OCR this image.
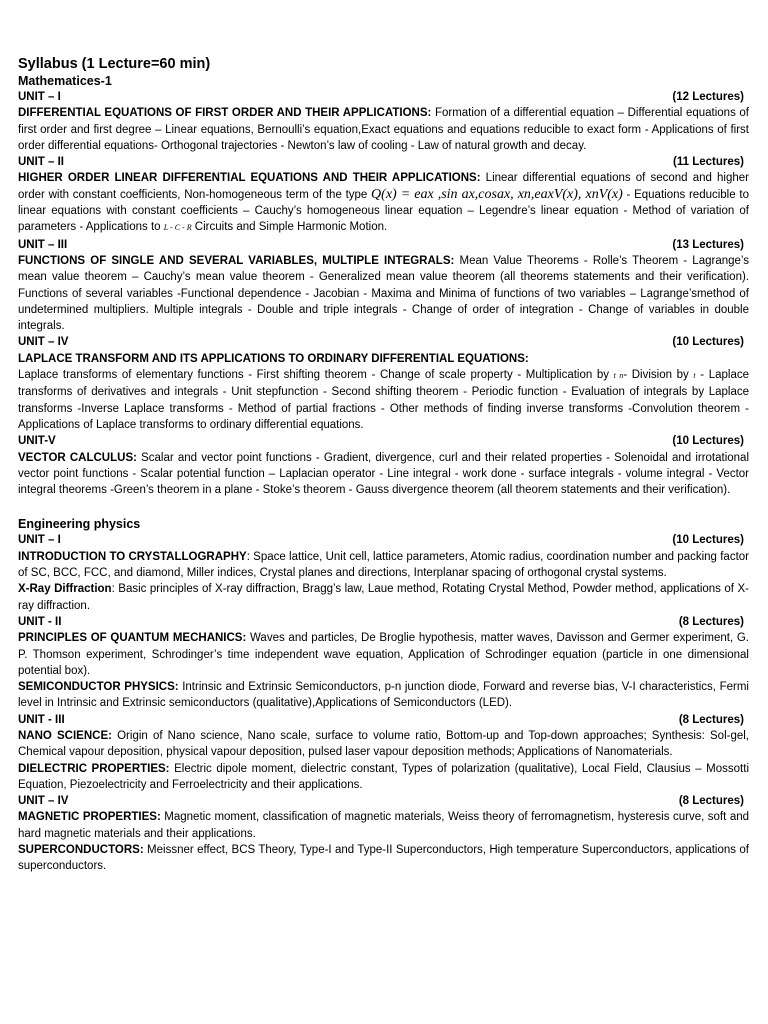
Syllabus (1 Lecture=60 min)

Mathematices-1

UNIT – I	(12 Lectures)

DIFFERENTIAL EQUATIONS OF FIRST ORDER AND THEIR APPLICATIONS: Formation of a differential equation – Differential equations of first order and first degree – Linear equations, Bernoulli’s equation,Exact equations and equations reducible to exact form - Applications of first order differential equations- Orthogonal trajectories - Newton’s law of cooling - Law of natural growth and decay.

UNIT – II	(11 Lectures)

HIGHER ORDER LINEAR DIFFERENTIAL EQUATIONS AND THEIR APPLICATIONS: Linear differential equations of second and higher order with constant coefficients, Non-homogeneous term of the type Q(x) = eax ,sin ax,cosax, xn,eaxV(x), xnV(x) - Equations reducible to linear equations with constant coefficients – Cauchy’s homogeneous linear equation – Legendre’s linear equation - Method of variation of parameters - Applications to L - C - R Circuits and Simple Harmonic Motion.

UNIT – III	(13 Lectures)

FUNCTIONS OF SINGLE AND SEVERAL VARIABLES, MULTIPLE INTEGRALS: Mean Value Theorems - Rolle’s Theorem - Lagrange’s mean value theorem – Cauchy’s mean value theorem - Generalized mean value theorem (all theorems statements and their verification). Functions of several variables -Functional dependence - Jacobian - Maxima and Minima of functions of two variables – Lagrange’smethod of undetermined multipliers. Multiple integrals - Double and triple integrals - Change of order of integration - Change of variables in double integrals.

UNIT – IV	(10 Lectures)

LAPLACE TRANSFORM AND ITS APPLICATIONS TO ORDINARY DIFFERENTIAL EQUATIONS:
Laplace transforms of elementary functions - First shifting theorem - Change of scale property - Multiplication by t n- Division by t - Laplace transforms of derivatives and integrals - Unit stepfunction - Second shifting theorem - Periodic function - Evaluation of integrals by Laplace transforms -Inverse Laplace transforms - Method of partial fractions - Other methods of finding inverse transforms -Convolution theorem - Applications of Laplace transforms to ordinary differential equations.

UNIT-V	(10 Lectures)

VECTOR CALCULUS: Scalar and vector point functions - Gradient, divergence, curl and their related properties - Solenoidal and irrotational vector point functions - Scalar potential function – Laplacian operator - Line integral - work done - surface integrals - volume integral - Vector integral theorems -Green’s theorem in a plane - Stoke’s theorem - Gauss divergence theorem (all theorem statements and their verification).

Engineering physics

UNIT – I	(10 Lectures)

INTRODUCTION TO CRYSTALLOGRAPHY: Space lattice, Unit cell, lattice parameters, Atomic radius, coordination number and packing factor of SC, BCC, FCC, and diamond, Miller indices, Crystal planes and directions, Interplanar spacing of orthogonal crystal systems.

X-Ray Diffraction: Basic principles of X-ray diffraction, Bragg’s law, Laue method, Rotating Crystal Method, Powder method, applications of X- ray diffraction.

UNIT - II	(8 Lectures)

PRINCIPLES OF QUANTUM MECHANICS: Waves and particles, De Broglie hypothesis, matter waves, Davisson and Germer experiment, G. P. Thomson experiment, Schrodinger’s time independent wave equation, Application of Schrodinger equation (particle in one dimensional potential box).

SEMICONDUCTOR PHYSICS: Intrinsic and Extrinsic Semiconductors, p-n junction diode, Forward and reverse bias, V-I characteristics, Fermi level in Intrinsic and Extrinsic semiconductors (qualitative),Applications of Semiconductors (LED).

UNIT - III	(8 Lectures)

NANO SCIENCE: Origin of Nano science, Nano scale, surface to volume ratio, Bottom-up and Top-down approaches; Synthesis: Sol-gel, Chemical vapour deposition, physical vapour deposition, pulsed laser vapour deposition methods; Applications of Nanomaterials.

DIELECTRIC PROPERTIES: Electric dipole moment, dielectric constant, Types of polarization (qualitative), Local Field, Clausius – Mossotti Equation, Piezoelectricity and Ferroelectricity and their applications.

UNIT – IV	(8 Lectures)

MAGNETIC PROPERTIES: Magnetic moment, classification of magnetic materials, Weiss theory of ferromagnetism, hysteresis curve, soft and hard magnetic materials and their applications.

SUPERCONDUCTORS: Meissner effect, BCS Theory, Type-I and Type-II Superconductors, High temperature Superconductors, applications of superconductors.
